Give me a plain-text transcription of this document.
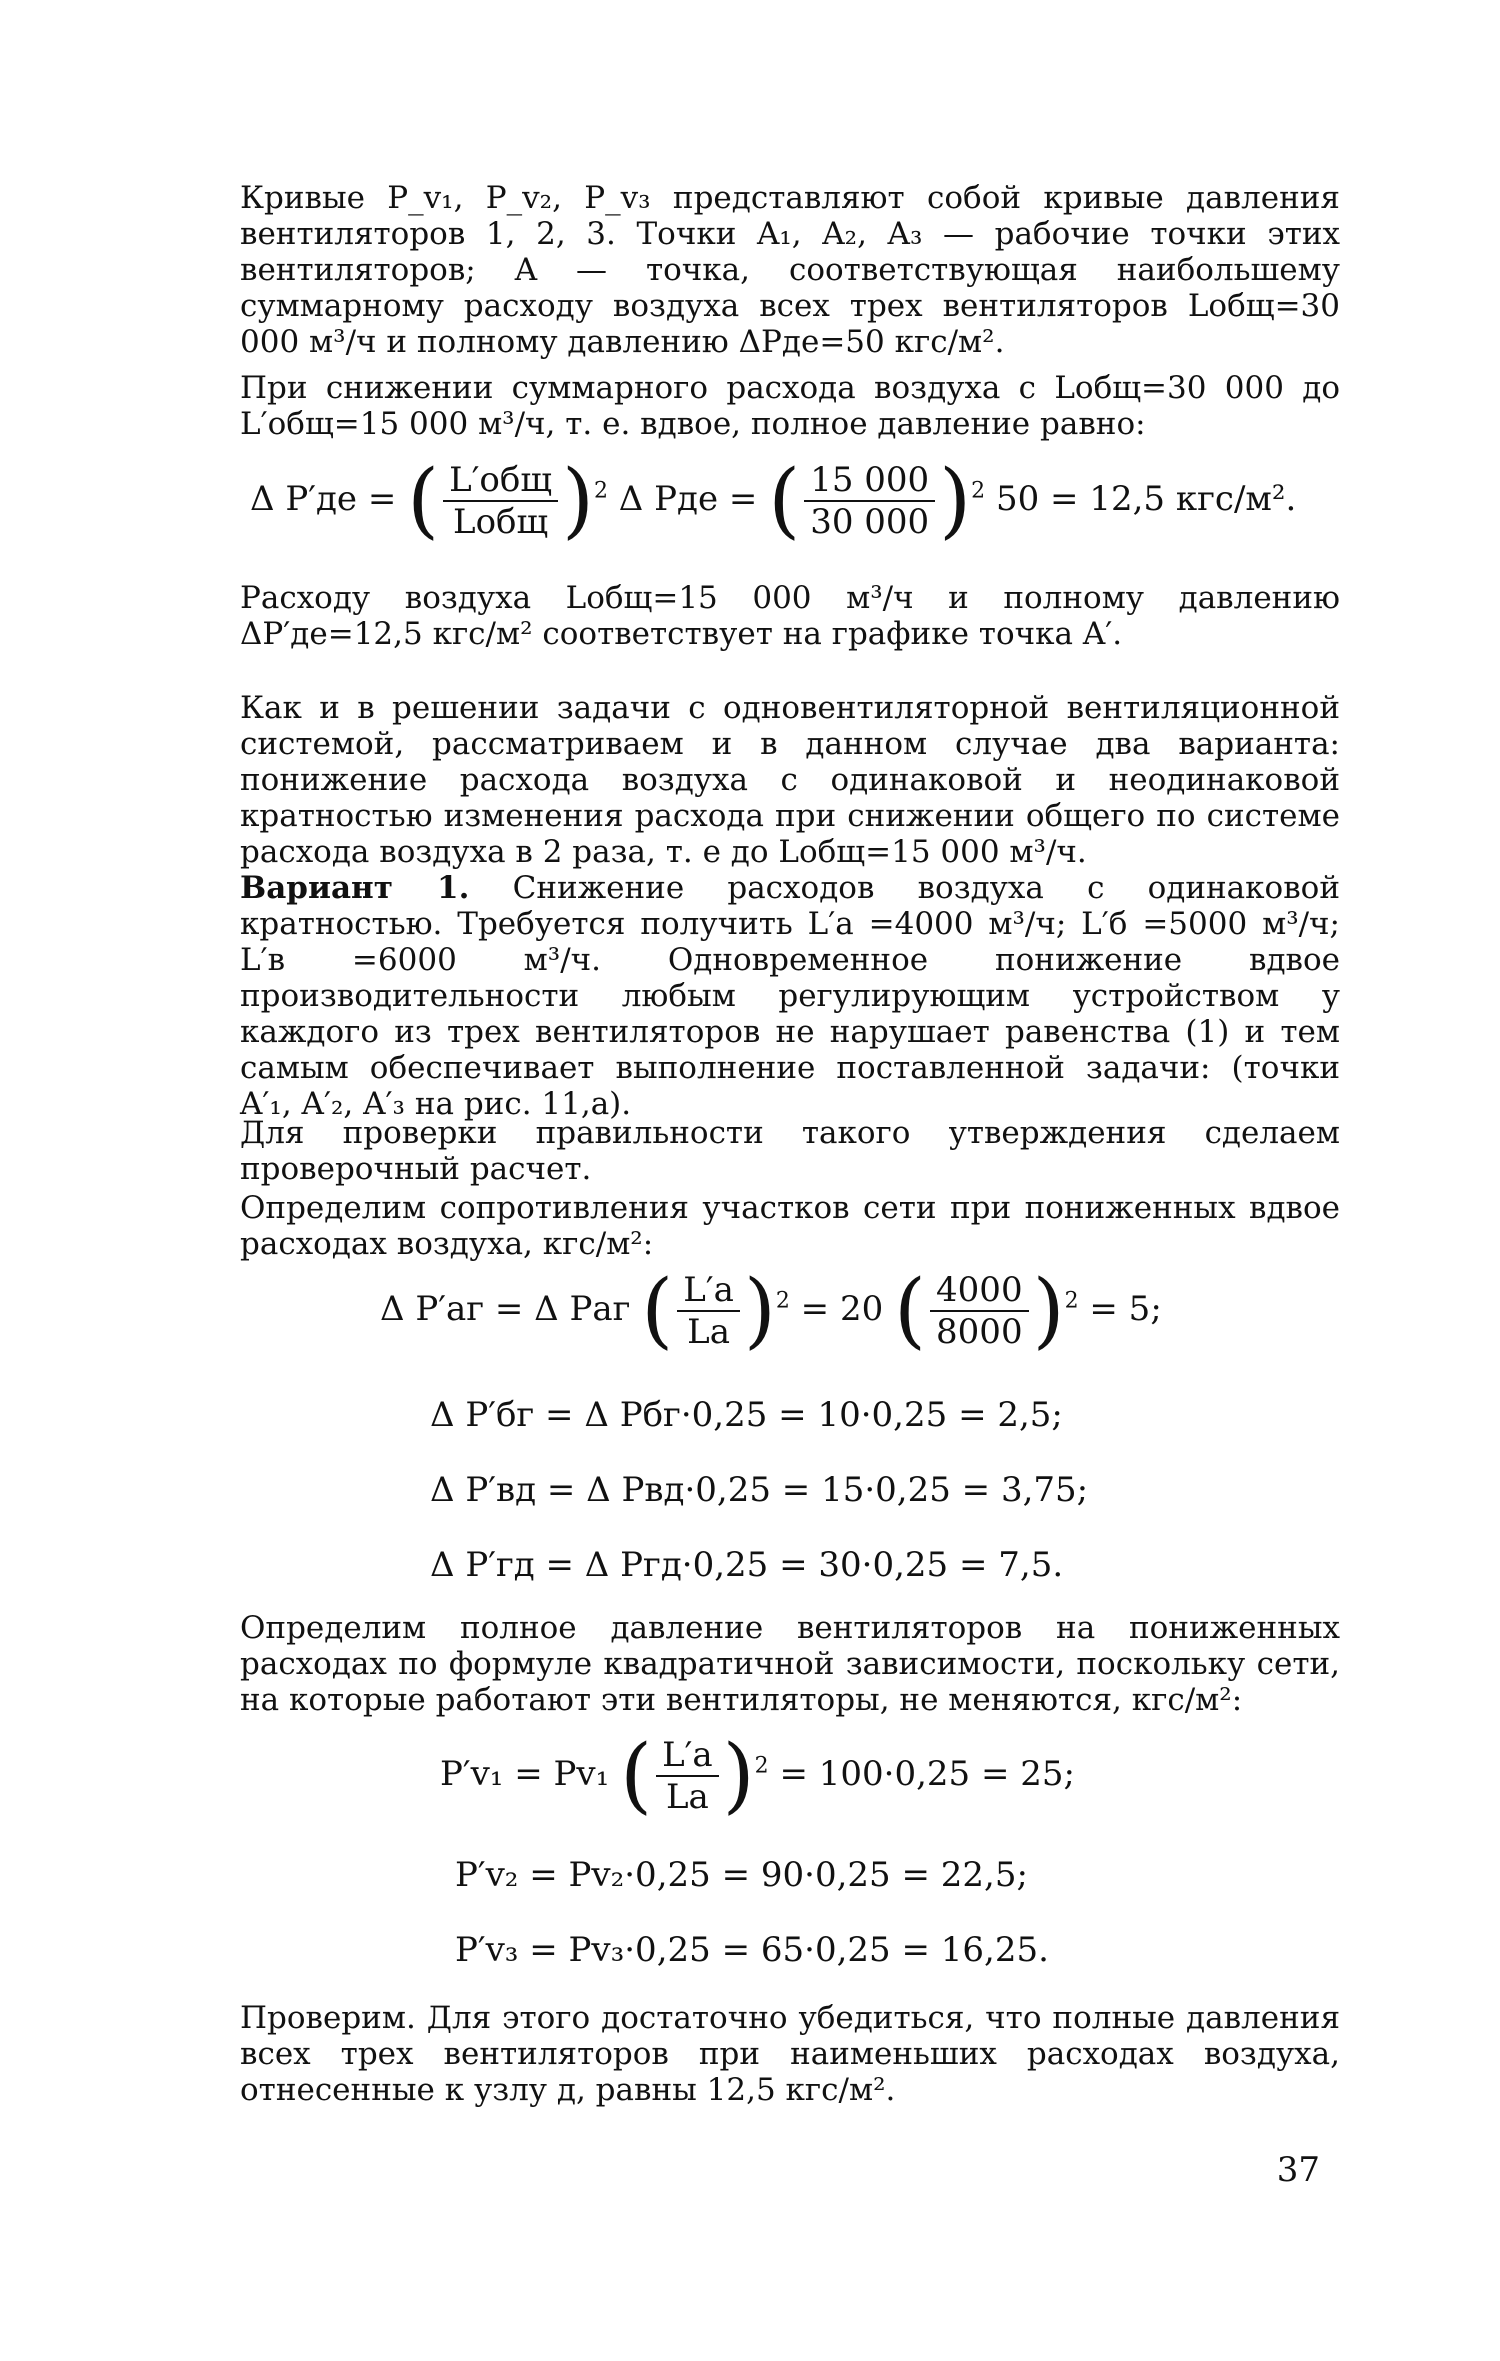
Кривые P_v₁, P_v₂, P_v₃ представляют собой кривые давления вентиляторов 1, 2, 3. Точки A₁, A₂, A₃ — рабочие точки этих вентиляторов; A — точка, соответствующая наибольшему суммарному расходу воздуха всех трех вентиляторов Lобщ=30 000 м³/ч и полному давлению ΔPде=50 кгс/м².

При снижении суммарного расхода воздуха с Lобщ=30 000 до L′общ=15 000 м³/ч, т. е. вдвое, полное давление равно:

Δ P′де = ( $\frac{\text{L′общ}}{\text{Lобщ}} )^2$ Δ Pде = ( $\frac{15 000}{30 000} )^2$ 50 = 12,5 кгс/м².

Расходу воздуха Lобщ=15 000 м³/ч и полному давлению ΔP′де=12,5 кгс/м² соответствует на графике точка A′.

Как и в решении задачи с одновентиляторной вентиляционной системой, рассматриваем и в данном случае два варианта: понижение расхода воздуха с одинаковой и неодинаковой кратностью изменения расхода при снижении общего по системе расхода воздуха в 2 раза, т. е до Lобщ=15 000 м³/ч.

Вариант 1. Снижение расходов воздуха с одинаковой кратностью. Требуется получить L′а =4000 м³/ч; L′б =5000 м³/ч; L′в =6000 м³/ч. Одновременное понижение вдвое производительности любым регулирующим устройством у каждого из трех вентиляторов не нарушает равенства (1) и тем самым обеспечивает выполнение поставленной задачи: (точки A′₁, A′₂, A′₃ на рис. 11,а).

Для проверки правильности такого утверждения сделаем проверочный расчет.

Определим сопротивления участков сети при пониженных вдвое расходах воздуха, кгс/м²:

Δ P′аг = Δ Pаг ( $\frac{L'a}{La} )^2 = 20$ ( $\frac{4000}{8000} )^2 = 5$;
Δ P′бг = Δ Pбг·0,25 = 10·0,25 = 2,5;
Δ P′вд = Δ Pвд·0,25 = 15·0,25 = 3,75;
Δ P′гд = Δ Pгд·0,25 = 30·0,25 = 7,5.

Определим полное давление вентиляторов на пониженных расходах по формуле квадратичной зависимости, поскольку сети, на которые работают эти вентиляторы, не меняются, кгс/м²:

P′v₁ = Pv₁ ( $\frac{L'a}{La} )^2 = 100\cdot 0,25 = 25$;
P′v₂ = Pv₂·0,25 = 90·0,25 = 22,5;
P′v₃ = Pv₃·0,25 = 65·0,25 = 16,25.

Проверим. Для этого достаточно убедиться, что полные давления всех трех вентиляторов при наименьших расходах воздуха, отнесенные к узлу д, равны 12,5 кгс/м².

37
